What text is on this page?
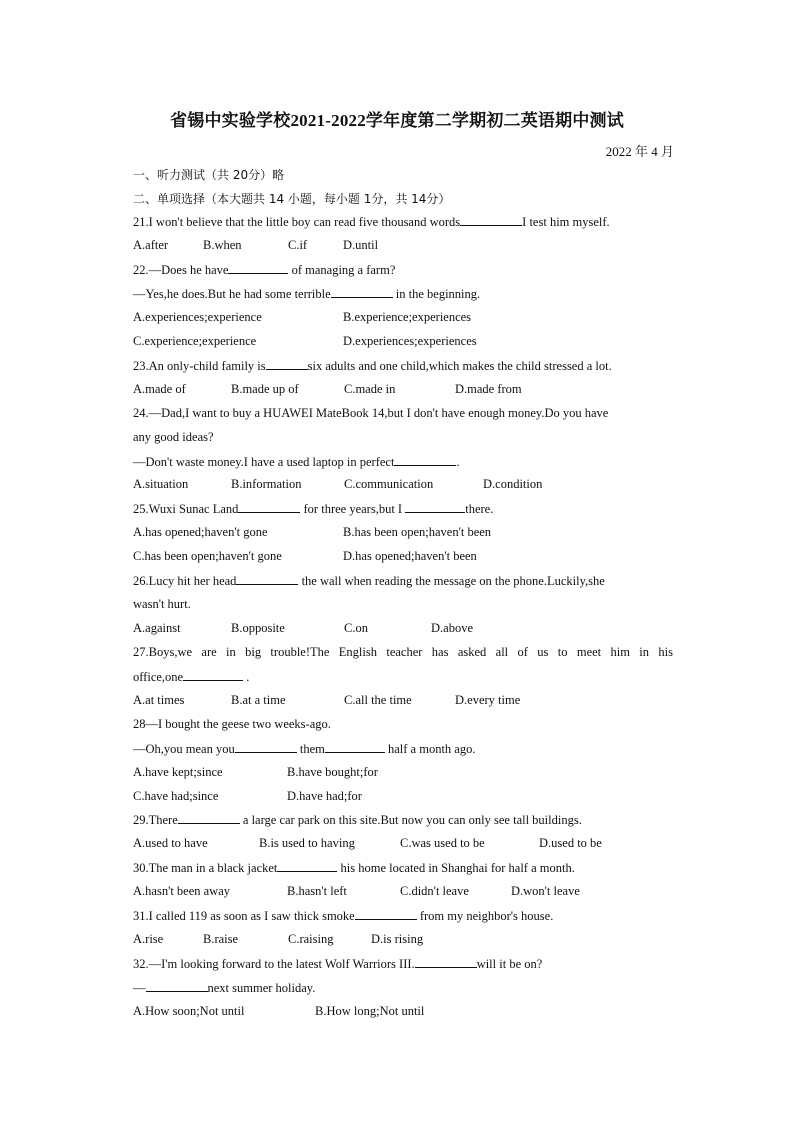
省锡中实验学校2021-2022学年度第二学期初二英语期中测试
2022 年 4 月
一、听力测试（共 20分）略
二、单项选择（本大题共 14 小题，每小题 1分，共 14分）
21.I won't believe that the little boy can read five thousand words	I test him myself.
A.after	B.when	C.if	D.until
22.—Does he have	of managing a farm?
—Yes,he does.But he had some terrible	in the beginning.
A.experiences;experience	B.experience;experiences
C.experience;experience	D.experiences;experiences
23.An only-child family is	six adults and one child,which makes the child stressed a lot.
A.made of	B.made up of	C.made in	D.made from
24.—Dad,I want to buy a HUAWEI MateBook 14,but I don't have enough money.Do you have
any good ideas?
—Don't waste money.I have a used laptop in perfect	.
A.situation	B.information	C.communication	D.condition
25.Wuxi Sunac Land	for three years,but I	there.
A.has opened;haven't gone	B.has been open;haven't been
C.has been open;haven't gone	D.has opened;haven't been
26.Lucy hit her head	the wall when reading the message on the phone.Luckily,she
wasn't hurt.
A.against	B.opposite	C.on	D.above
27.Boys,we are in big trouble!The English teacher has asked all of us to meet him in his
office,one	.
A.at times	B.at a time	C.all the time	D.every time
28—I bought the geese two weeks-ago.
—Oh,you mean you	them	half a month ago.
A.have kept;since	B.have bought;for
C.have had;since	D.have had;for
29.There	a large car park on this site.But now you can only see tall buildings.
A.used to have	B.is used to having	C.was used to be	D.used to be
30.The man in a black jacket	his home located in Shanghai for half a month.
A.hasn't been away	B.hasn't left	C.didn't leave	D.won't leave
31.I called 119 as soon as I saw thick smoke	from my neighbor's house.
A.rise	B.raise	C.raising	D.is rising
32.—I'm looking forward to the latest Wolf Warriors III.	will it be on?
—	next summer holiday.
A.How soon;Not until	B.How long;Not until
